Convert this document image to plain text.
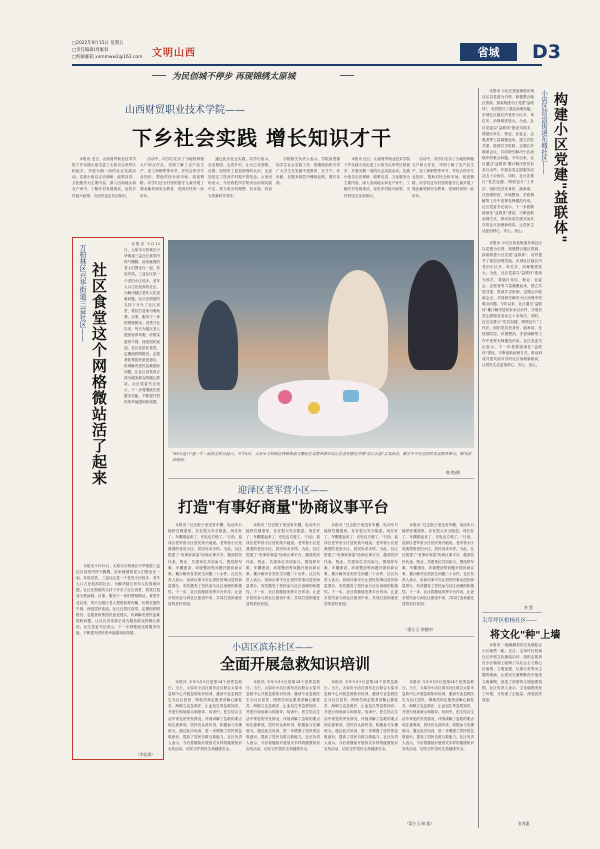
□2022年9月15日 星期五
□责任编辑/周雁羽
□校稿邮箱 xxmmww2@163.com 文明山西	省城	D3
为民创城不停步 再现锦绣太原城
山西财贸职业技术学院——
下乡社会实践 增长知识才干

本报讯 近日，山西财贸职业技术学院下乡实践小组走进了太原市尖草坪区柏板乡，开展为期一周的社会实践活动。实践小组以走访调研、政策宣讲、文化服务为主要内容，深入田间地头和农户家中，了解乡村发展现状，宣传乡村振兴政策，为村民送去实用知识。

活动中，同学们走访了当地的种植大户和合作社，详细了解了农产品生产、加工和销售等环节，并结合所学专业知识，帮助村民分析市场、拓宽销路。同学们还为村里的留守儿童开展了课业辅导和安全教育，受到村民的一致好评。

通过此次社会实践，同学们表示，走出校园、走进乡村，让自己对国情、社情、民情有了更加深刻的认识，也更加坚定了投身乡村振兴的信念。大家纷纷表示，今后将把所学知识运用到实践中去，努力成为有理想、有本领、有担当的新时代青年。

学院相关负责人表示，学院高度重视学生社会实践工作，将继续组织引导广大学生在实践中受教育、长才干、作贡献，在服务基层中锤炼品格、增长本领。

本报讯 近日，山西财贸职业技术学院下乡实践小组走进了太原市尖草坪区柏板乡，开展为期一周的社会实践活动。实践小组以走访调研、政策宣讲、文化服务为主要内容，深入田间地头和农户家中，了解乡村发展现状，宣传乡村振兴政策，为村民送去实用知识。

活动中，同学们走访了当地的种植大户和合作社，详细了解了农产品生产、加工和销售等环节，并结合所学专业知识，帮助村民分析市场、拓宽销路。同学们还为村里的留守儿童开展了课业辅导和安全教育，受到村民的一致好评。

万柏林区兴华街道三益社区—— 社区食堂这个网格微站活了起来

本报讯 9月12日，太原市万柏林区兴华街道三益社区食堂内热气腾腾，前来就餐的老人们围坐在一起，有说有笑。三益社区是一个老旧小区较多、老年人口占比较高的社区，为解决辖区老年人吃饭难问题，社区在街道的支持下开办了社区食堂，将其打造成为集助餐、议事、服务于一体的网格微站。食堂开业以来，每天为辖区老人提供营养均衡、价格实惠的午餐，深受居民欢迎。社区还依托食堂，定期组织网格员、志愿者收集居民意见建议，协调解决居民急难愁盼问题，让社区食堂真正成为服务群众的暖心驿站。社区党委书记表示，下一步将继续完善服务功能，不断提升居民的幸福感和获得感。

本报讯 9月12日，太原市万柏林区兴华街道三益社区食堂内热气腾腾，前来就餐的老人们围坐在一起，有说有笑。三益社区是一个老旧小区较多、老年人口占比较高的社区，为解决辖区老年人吃饭难问题，社区在街道的支持下开办了社区食堂，将其打造成为集助餐、议事、服务于一体的网格微站。食堂开业以来，每天为辖区老人提供营养均衡、价格实惠的午餐，深受居民欢迎。社区还依托食堂，定期组织网格员、志愿者收集居民意见建议，协调解决居民急难愁盼问题，让社区食堂真正成为服务群众的暖心驿站。社区党委书记表示，下一步将继续完善服务功能，不断提升居民的幸福感和获得感。

（李佳琪）
"99公益日"是一年一度的全民公益日。今年9月，太原市万柏林区西铭街道万鹏社区志愿者联合爱心企业在辖区开展"爱心公益"义卖活动，吸引不少社区居民及志愿者参与。图为活动现场。
韩 艳/摄
迎泽区老军营小区——
打造"有事好商量"协商议事平台

本报讯 "过去院子里没有车棚，电动车只能停在楼道里，存在很大安全隐患。现在好了，车棚建起来了，充电也方便了。"日前，迎泽区老军营小区居民高兴地说。老军营小区是典型的老旧小区，居民诉求多样。为此，社区搭建了"有事好商量"协商议事平台，邀请居民代表、物业、共建单位共同参与，围绕停车难、车棚建设、环境整治等问题开展协商议事，累计解决各类民生问题二十余件。社区负责人表示，协商议事平台让居民的事由居民商量着办，有效激发了居民参与社区治理的积极性。下一步，社区将继续发挥平台作用，让更多居民参与到社区建设中来，共同打造和谐宜居的美好家园。

本报讯 "过去院子里没有车棚，电动车只能停在楼道里，存在很大安全隐患。现在好了，车棚建起来了，充电也方便了。"日前，迎泽区老军营小区居民高兴地说。老军营小区是典型的老旧小区，居民诉求多样。为此，社区搭建了"有事好商量"协商议事平台，邀请居民代表、物业、共建单位共同参与，围绕停车难、车棚建设、环境整治等问题开展协商议事，累计解决各类民生问题二十余件。社区负责人表示，协商议事平台让居民的事由居民商量着办，有效激发了居民参与社区治理的积极性。下一步，社区将继续发挥平台作用，让更多居民参与到社区建设中来，共同打造和谐宜居的美好家园。

本报讯 "过去院子里没有车棚，电动车只能停在楼道里，存在很大安全隐患。现在好了，车棚建起来了，充电也方便了。"日前，迎泽区老军营小区居民高兴地说。老军营小区是典型的老旧小区，居民诉求多样。为此，社区搭建了"有事好商量"协商议事平台，邀请居民代表、物业、共建单位共同参与，围绕停车难、车棚建设、环境整治等问题开展协商议事，累计解决各类民生问题二十余件。社区负责人表示，协商议事平台让居民的事由居民商量着办，有效激发了居民参与社区治理的积极性。下一步，社区将继续发挥平台作用，让更多居民参与到社区建设中来，共同打造和谐宜居的美好家园。

本报讯 "过去院子里没有车棚，电动车只能停在楼道里，存在很大安全隐患。现在好了，车棚建起来了，充电也方便了。"日前，迎泽区老军营小区居民高兴地说。老军营小区是典型的老旧小区，居民诉求多样。为此，社区搭建了"有事好商量"协商议事平台，邀请居民代表、物业、共建单位共同参与，围绕停车难、车棚建设、环境整治等问题开展协商议事，累计解决各类民生问题二十余件。社区负责人表示，协商议事平台让居民的事由居民商量着办，有效激发了居民参与社区治理的积极性。下一步，社区将继续发挥平台作用，让更多居民参与到社区建设中来，共同打造和谐宜居的美好家园。

（梁小玉 李德伟）
小店区滨东社区——
全面开展急救知识培训

本报讯 今年9月9日是第24个世界急救日。当天，太原市小店区滨东社区联合太原市急救中心开展急救知识培训，邀请专业急救医生为社区居民、网格员和志愿者讲解心肺复苏、海姆立克急救法、止血包扎等急救知识，并进行现场演示和指导。培训中，医生结合生活中常见的突发情况，详细讲解了急救的要点和注意事项，居民们认真听讲，积极参与实操练习。通过此次培训，进一步增强了居民的急救意识，提高了居民自救互救能力。社区负责人表示，今后将继续开展形式多样的健康知识宣传活动，切实守护居民生命健康安全。

本报讯 今年9月9日是第24个世界急救日。当天，太原市小店区滨东社区联合太原市急救中心开展急救知识培训，邀请专业急救医生为社区居民、网格员和志愿者讲解心肺复苏、海姆立克急救法、止血包扎等急救知识，并进行现场演示和指导。培训中，医生结合生活中常见的突发情况，详细讲解了急救的要点和注意事项，居民们认真听讲，积极参与实操练习。通过此次培训，进一步增强了居民的急救意识，提高了居民自救互救能力。社区负责人表示，今后将继续开展形式多样的健康知识宣传活动，切实守护居民生命健康安全。

本报讯 今年9月9日是第24个世界急救日。当天，太原市小店区滨东社区联合太原市急救中心开展急救知识培训，邀请专业急救医生为社区居民、网格员和志愿者讲解心肺复苏、海姆立克急救法、止血包扎等急救知识，并进行现场演示和指导。培训中，医生结合生活中常见的突发情况，详细讲解了急救的要点和注意事项，居民们认真听讲，积极参与实操练习。通过此次培训，进一步增强了居民的急救意识，提高了居民自救互救能力。社区负责人表示，今后将继续开展形式多样的健康知识宣传活动，切实守护居民生命健康安全。

本报讯 今年9月9日是第24个世界急救日。当天，太原市小店区滨东社区联合太原市急救中心开展急救知识培训，邀请专业急救医生为社区居民、网格员和志愿者讲解心肺复苏、海姆立克急救法、止血包扎等急救知识，并进行现场演示和指导。培训中，医生结合生活中常见的突发情况，详细讲解了急救的要点和注意事项，居民们认真听讲，积极参与实操练习。通过此次培训，进一步增强了居民的急救意识，提高了居民自救互救能力。社区负责人表示，今后将继续开展形式多样的健康知识宣传活动，切实守护居民生命健康安全。

（梁小玉 韩 霞）

本报讯 小店区营盘街道东城社区以党建为引领，积极整合辖区资源，探索构建小区党建"益联体"，有效提升了基层治理效能。东城社区辖区内老旧小区多、单位多，治理难度较大。为此，社区党委以"益联体"建设为抓手，将辖区单位、物业、业委会、志愿者等力量凝聚起来，建立共驻共建、资源共享机制，定期召开联席会议，共同研究解决小区治理中的难点问题。今年以来，社区通过"益联体"累计解决居民诉求百余件，开展各类志愿服务活动五十余场次。同时，社区还推行"党员包楼、网格包片"工作法，组织党员亮身份、践承诺，在疫情防控、环境整治、矛盾调解等工作中发挥先锋模范作用。社区党委书记表示，下一步将继续深化"益联体"建设，不断创新治理方式，推动形成共建共治共享的社区治理新格局，让居民生活更加舒心、安心、放心。

小店区营盘街道东城社区—— 构建小区党建"益联体"

本报讯 小店区营盘街道东城社区以党建为引领，积极整合辖区资源，探索构建小区党建"益联体"，有效提升了基层治理效能。东城社区辖区内老旧小区多、单位多，治理难度较大。为此，社区党委以"益联体"建设为抓手，将辖区单位、物业、业委会、志愿者等力量凝聚起来，建立共驻共建、资源共享机制，定期召开联席会议，共同研究解决小区治理中的难点问题。今年以来，社区通过"益联体"累计解决居民诉求百余件，开展各类志愿服务活动五十余场次。同时，社区还推行"党员包楼、网格包片"工作法，组织党员亮身份、践承诺，在疫情防控、环境整治、矛盾调解等工作中发挥先锋模范作用。社区党委书记表示，下一步将继续深化"益联体"建设，不断创新治理方式，推动形成共建共治共享的社区治理新格局，让居民生活更加舒心、安心、放心。

李 慧
尖草坪区柏杨社区——
将文化"种"上墙

本报讯 一幅幅精美的文化墙绘让小区焕然一新。近日，尖草坪区柏杨社区开展文化墙绘活动，组织志愿者在小区墙面上绘制了以社会主义核心价值观、文明创建、垃圾分类等为主题的墙画，让居民在潜移默化中接受文明熏陶，营造了浓厚的文明创建氛围。社区负责人表示，文化墙既美化了环境，又传递了正能量，深受居民喜爱。

张秀惠
